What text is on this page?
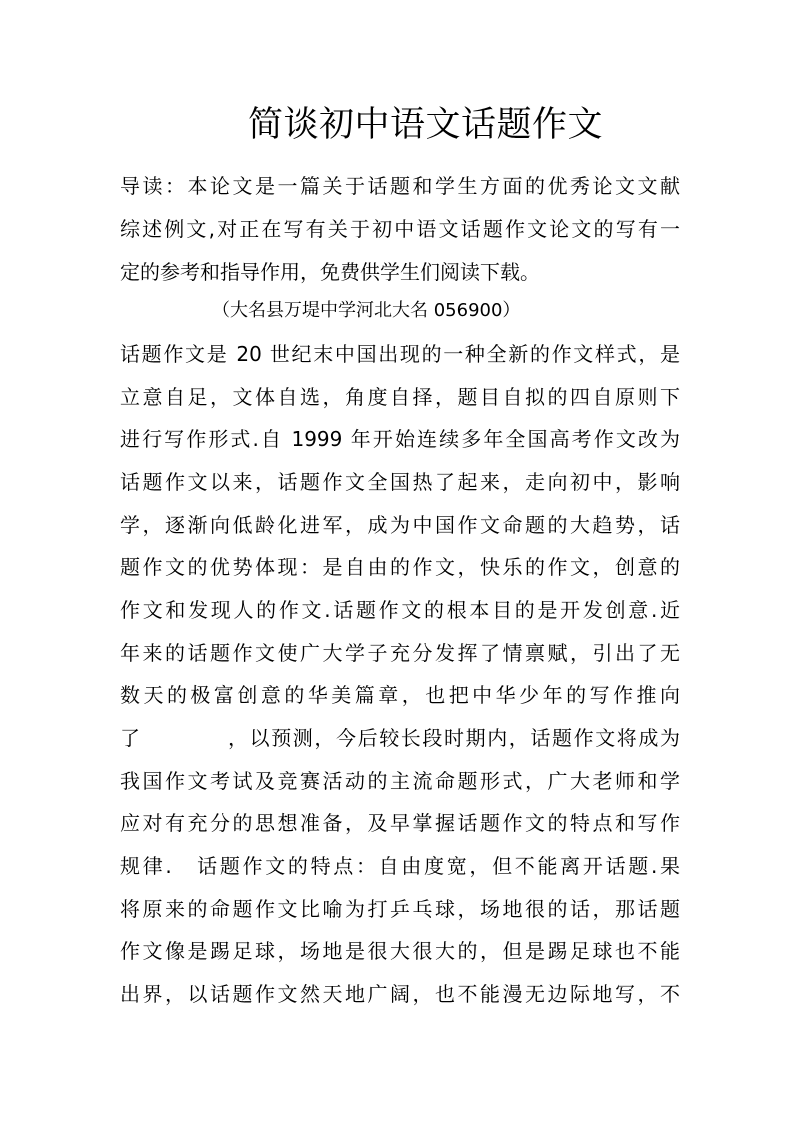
简谈初中语文话题作文

导读：本论文是一篇关于话题和学生方面的优秀论文文献

综述例文,对正在写有关于初中语文话题作文论文的写有一

定的参考和指导作用，免费供学生们阅读下载。

（大名县万堤中学河北大名 056900）

话题作文是 20 世纪末中国出现的一种全新的作文样式，是

立意自足，文体自选，角度自择，题目自拟的四自原则下

进行写作形式.自 1999 年开始连续多年全国高考作文改为

话题作文以来，话题作文全国热了起来，走向初中，影响

学，逐渐向低龄化进军，成为中国作文命题的大趋势，话

题作文的优势体现：是自由的作文，快乐的作文，创意的

作文和发现人的作文.话题作文的根本目的是开发创意.近

年来的话题作文使广大学子充分发挥了情禀赋，引出了无

数天的极富创意的华美篇章，也把中华少年的写作推向

了　　　　，以预测，今后较长段时期内，话题作文将成为

我国作文考试及竞赛活动的主流命题形式，广大老师和学

应对有充分的思想准备，及早掌握话题作文的特点和写作

规律.　话题作文的特点：自由度宽，但不能离开话题.果

将原来的命题作文比喻为打乒乓球，场地很的话，那话题

作文像是踢足球，场地是很大很大的，但是踢足球也不能

出界，以话题作文然天地广阔，也不能漫无边际地写，不
